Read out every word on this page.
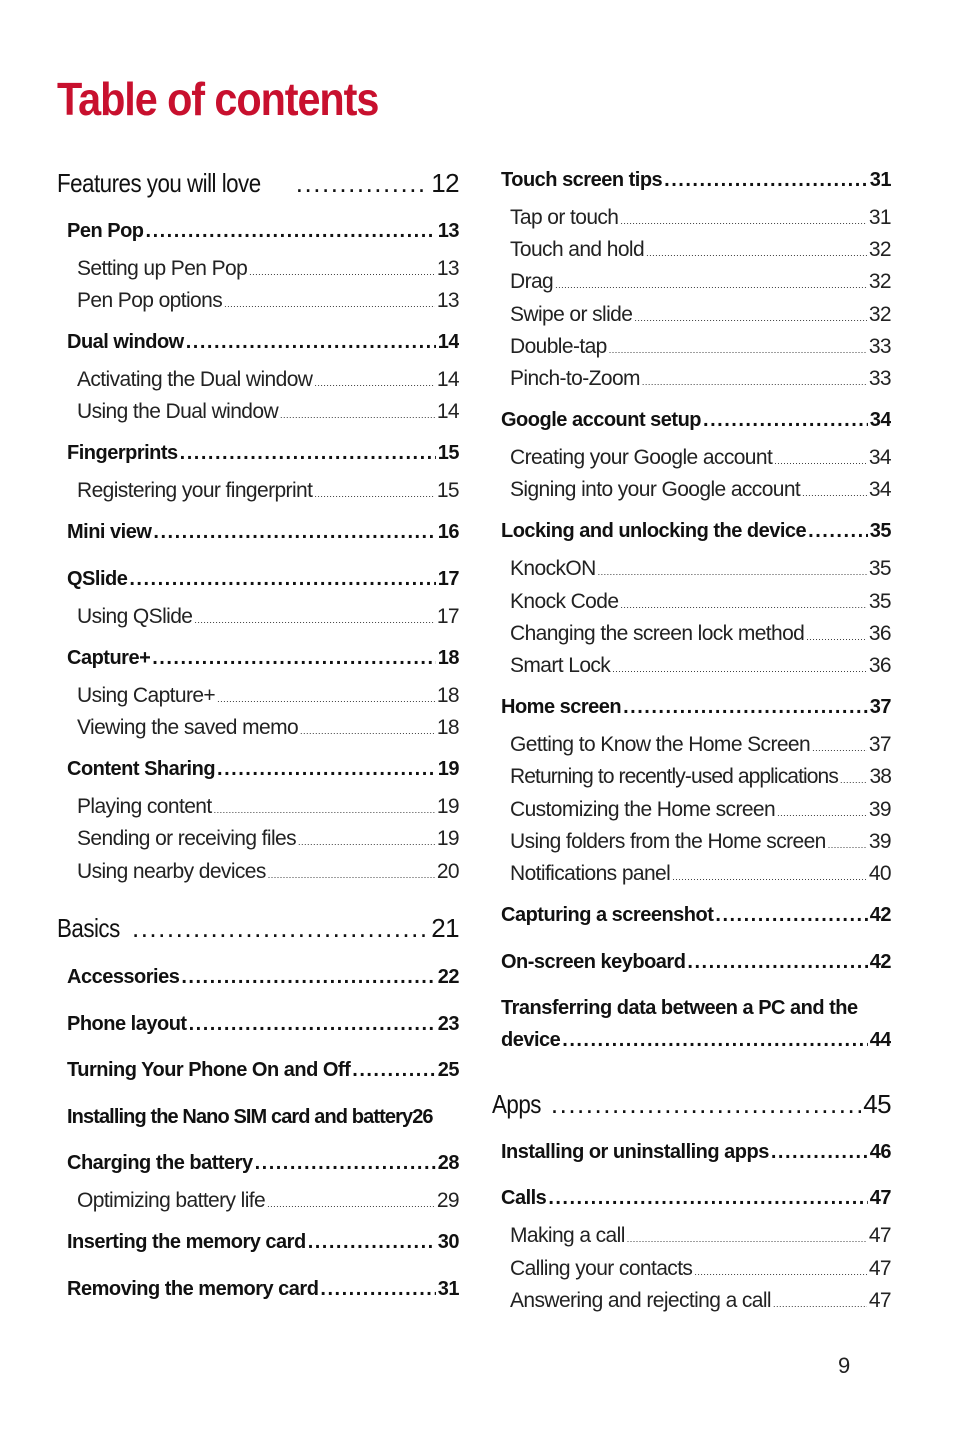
Table of contents
Features you will love .....	12
Pen Pop .....	13
Setting up Pen Pop .....	13
Pen Pop options .....	13
Dual window .....	14
Activating the Dual window .....	14
Using the Dual window .....	14
Fingerprints .....	15
Registering your fingerprint .....	15
Mini view .....	16
QSlide .....	17
Using QSlide .....	17
Capture+ .....	18
Using Capture+ .....	18
Viewing the saved memo .....	18
Content Sharing .....	19
Playing content .....	19
Sending or receiving files .....	19
Using nearby devices .....	20
Basics .....	21
Accessories .....	22
Phone layout .....	23
Turning Your Phone On and Off .....	25
Installing the Nano SIM card and battery 26
Charging the battery .....	28
Optimizing battery life .....	29
Inserting the memory card .....	30
Removing the memory card .....	31
Touch screen tips .....	31
Tap or touch .....	31
Touch and hold .....	32
Drag .....	32
Swipe or slide .....	32
Double-tap .....	33
Pinch-to-Zoom .....	33
Google account setup .....	34
Creating your Google account .....	34
Signing into your Google account .....	34
Locking and unlocking the device .....	35
KnockON .....	35
Knock Code .....	35
Changing the screen lock method .....	36
Smart Lock .....	36
Home screen .....	37
Getting to Know the Home Screen .....	37
Returning to recently-used applications ..... 38
Customizing the Home screen .....	39
Using folders from the Home screen ..... 39
Notifications panel .....	40
Capturing a screenshot .....	42
On-screen keyboard .....	42
Transferring data between a PC and the
device .....	44
Apps .....	45
Installing or uninstalling apps .....	46
Calls .....	47
Making a call .....	47
Calling your contacts .....	47
Answering and rejecting a call .....	47
9
